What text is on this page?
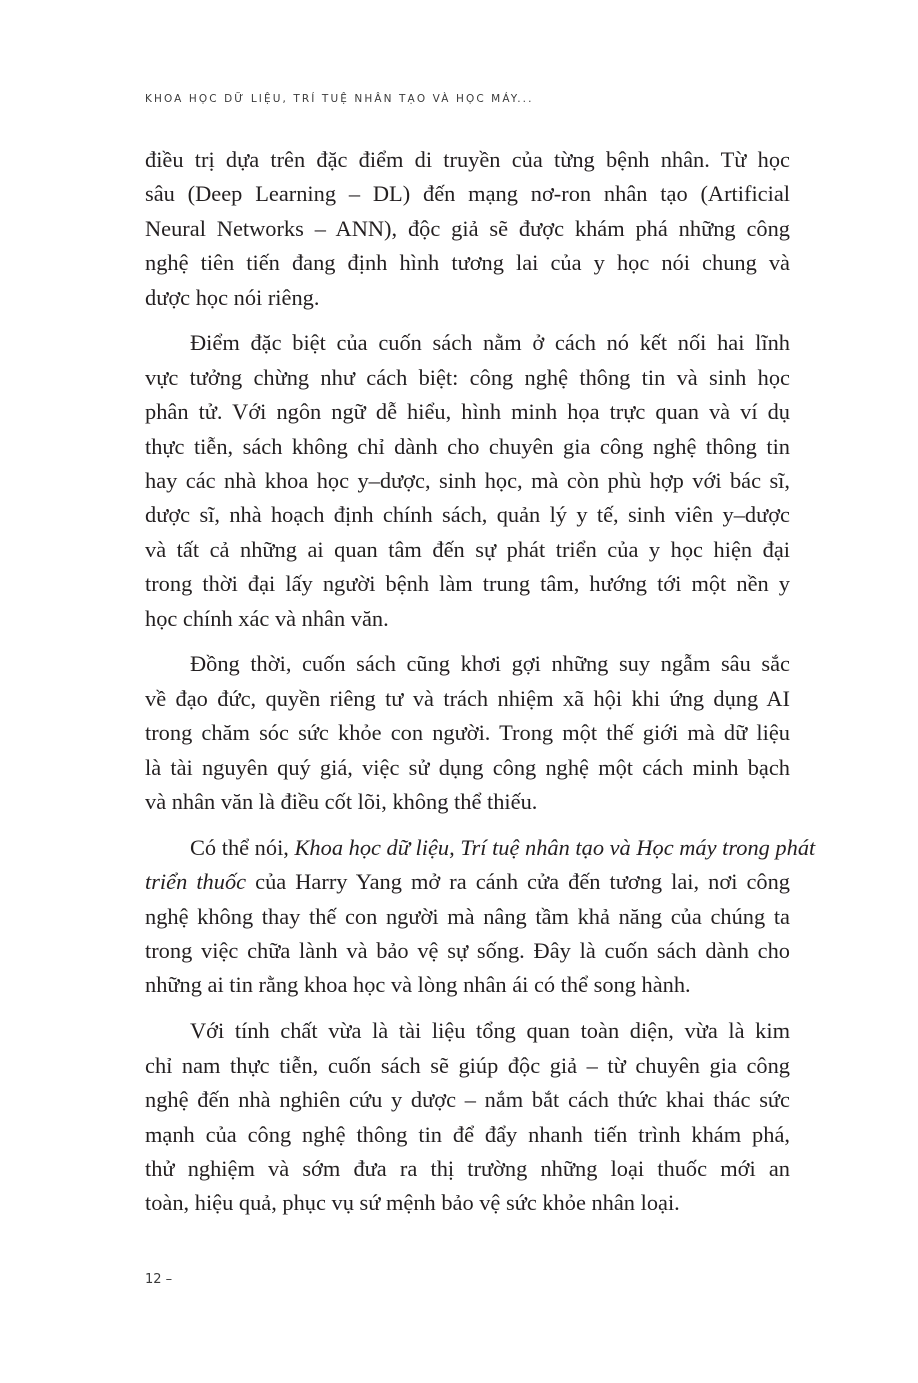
KHOA HỌC DỮ LIỆU, TRÍ TUỆ NHÂN TẠO VÀ HỌC MÁY...

điều trị dựa trên đặc điểm di truyền của từng bệnh nhân. Từ học
sâu (Deep Learning – DL) đến mạng nơ-ron nhân tạo (Artificial
Neural Networks – ANN), độc giả sẽ được khám phá những công
nghệ tiên tiến đang định hình tương lai của y học nói chung và
dược học nói riêng.

Điểm đặc biệt của cuốn sách nằm ở cách nó kết nối hai lĩnh
vực tưởng chừng như cách biệt: công nghệ thông tin và sinh học
phân tử. Với ngôn ngữ dễ hiểu, hình minh họa trực quan và ví dụ
thực tiễn, sách không chỉ dành cho chuyên gia công nghệ thông tin
hay các nhà khoa học y–dược, sinh học, mà còn phù hợp với bác sĩ,
dược sĩ, nhà hoạch định chính sách, quản lý y tế, sinh viên y–dược
và tất cả những ai quan tâm đến sự phát triển của y học hiện đại
trong thời đại lấy người bệnh làm trung tâm, hướng tới một nền y
học chính xác và nhân văn.

Đồng thời, cuốn sách cũng khơi gợi những suy ngẫm sâu sắc
về đạo đức, quyền riêng tư và trách nhiệm xã hội khi ứng dụng AI
trong chăm sóc sức khỏe con người. Trong một thế giới mà dữ liệu
là tài nguyên quý giá, việc sử dụng công nghệ một cách minh bạch
và nhân văn là điều cốt lõi, không thể thiếu.

Có thể nói, Khoa học dữ liệu, Trí tuệ nhân tạo và Học máy trong phát
triển thuốc của Harry Yang mở ra cánh cửa đến tương lai, nơi công
nghệ không thay thế con người mà nâng tầm khả năng của chúng ta
trong việc chữa lành và bảo vệ sự sống. Đây là cuốn sách dành cho
những ai tin rằng khoa học và lòng nhân ái có thể song hành.

Với tính chất vừa là tài liệu tổng quan toàn diện, vừa là kim
chỉ nam thực tiễn, cuốn sách sẽ giúp độc giả – từ chuyên gia công
nghệ đến nhà nghiên cứu y dược – nắm bắt cách thức khai thác sức
mạnh của công nghệ thông tin để đẩy nhanh tiến trình khám phá,
thử nghiệm và sớm đưa ra thị trường những loại thuốc mới an
toàn, hiệu quả, phục vụ sứ mệnh bảo vệ sức khỏe nhân loại.

12 –
